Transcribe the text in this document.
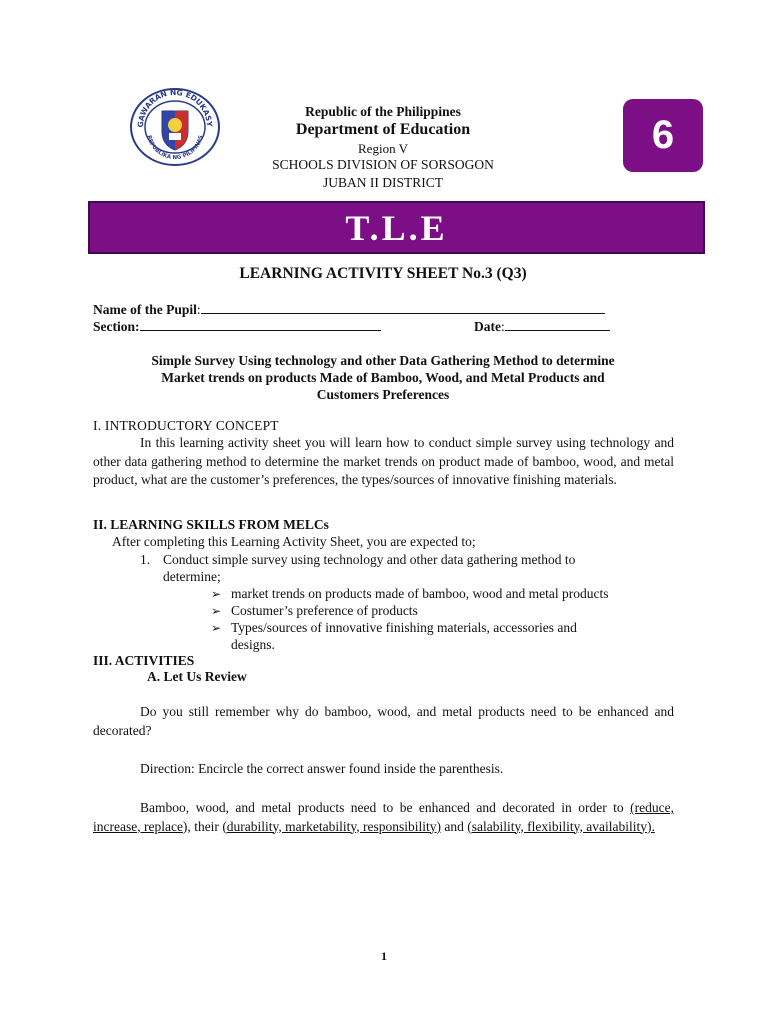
GAWARAN NG EDUKASY
REPUBLIKA NG PILIPINAS
Republic of the Philippines
Department of Education
Region V
SCHOOLS DIVISION OF SORSOGON
JUBAN II DISTRICT
6
T.L.E
LEARNING ACTIVITY SHEET No.3 (Q3)
Name of the Pupil:
Section:	Date:
Simple Survey Using technology and other Data Gathering Method to determine
Market trends on products Made of Bamboo, Wood, and Metal Products and
Customers Preferences
I. INTRODUCTORY CONCEPT
In this learning activity sheet you will learn how to conduct simple survey using technology and other data gathering method to determine the market trends on product made of bamboo, wood, and metal product, what are the customer’s preferences, the types/sources of innovative finishing materials.
II. LEARNING SKILLS FROM MELCs
After completing this Learning Activity Sheet, you are expected to;
1. Conduct simple survey using technology and other data gathering method to
determine;
➢ market trends on products made of bamboo, wood and metal products
➢ Costumer’s preference of products
➢ Types/sources of innovative finishing materials, accessories and
designs.
III. ACTIVITIES
A. Let Us Review
Do you still remember why do bamboo, wood, and metal products need to be enhanced and decorated?
Direction: Encircle the correct answer found inside the parenthesis.
Bamboo, wood, and metal products need to be enhanced and decorated in order to (reduce, increase, replace), their (durability, marketability, responsibility) and (salability, flexibility, availability).
1
